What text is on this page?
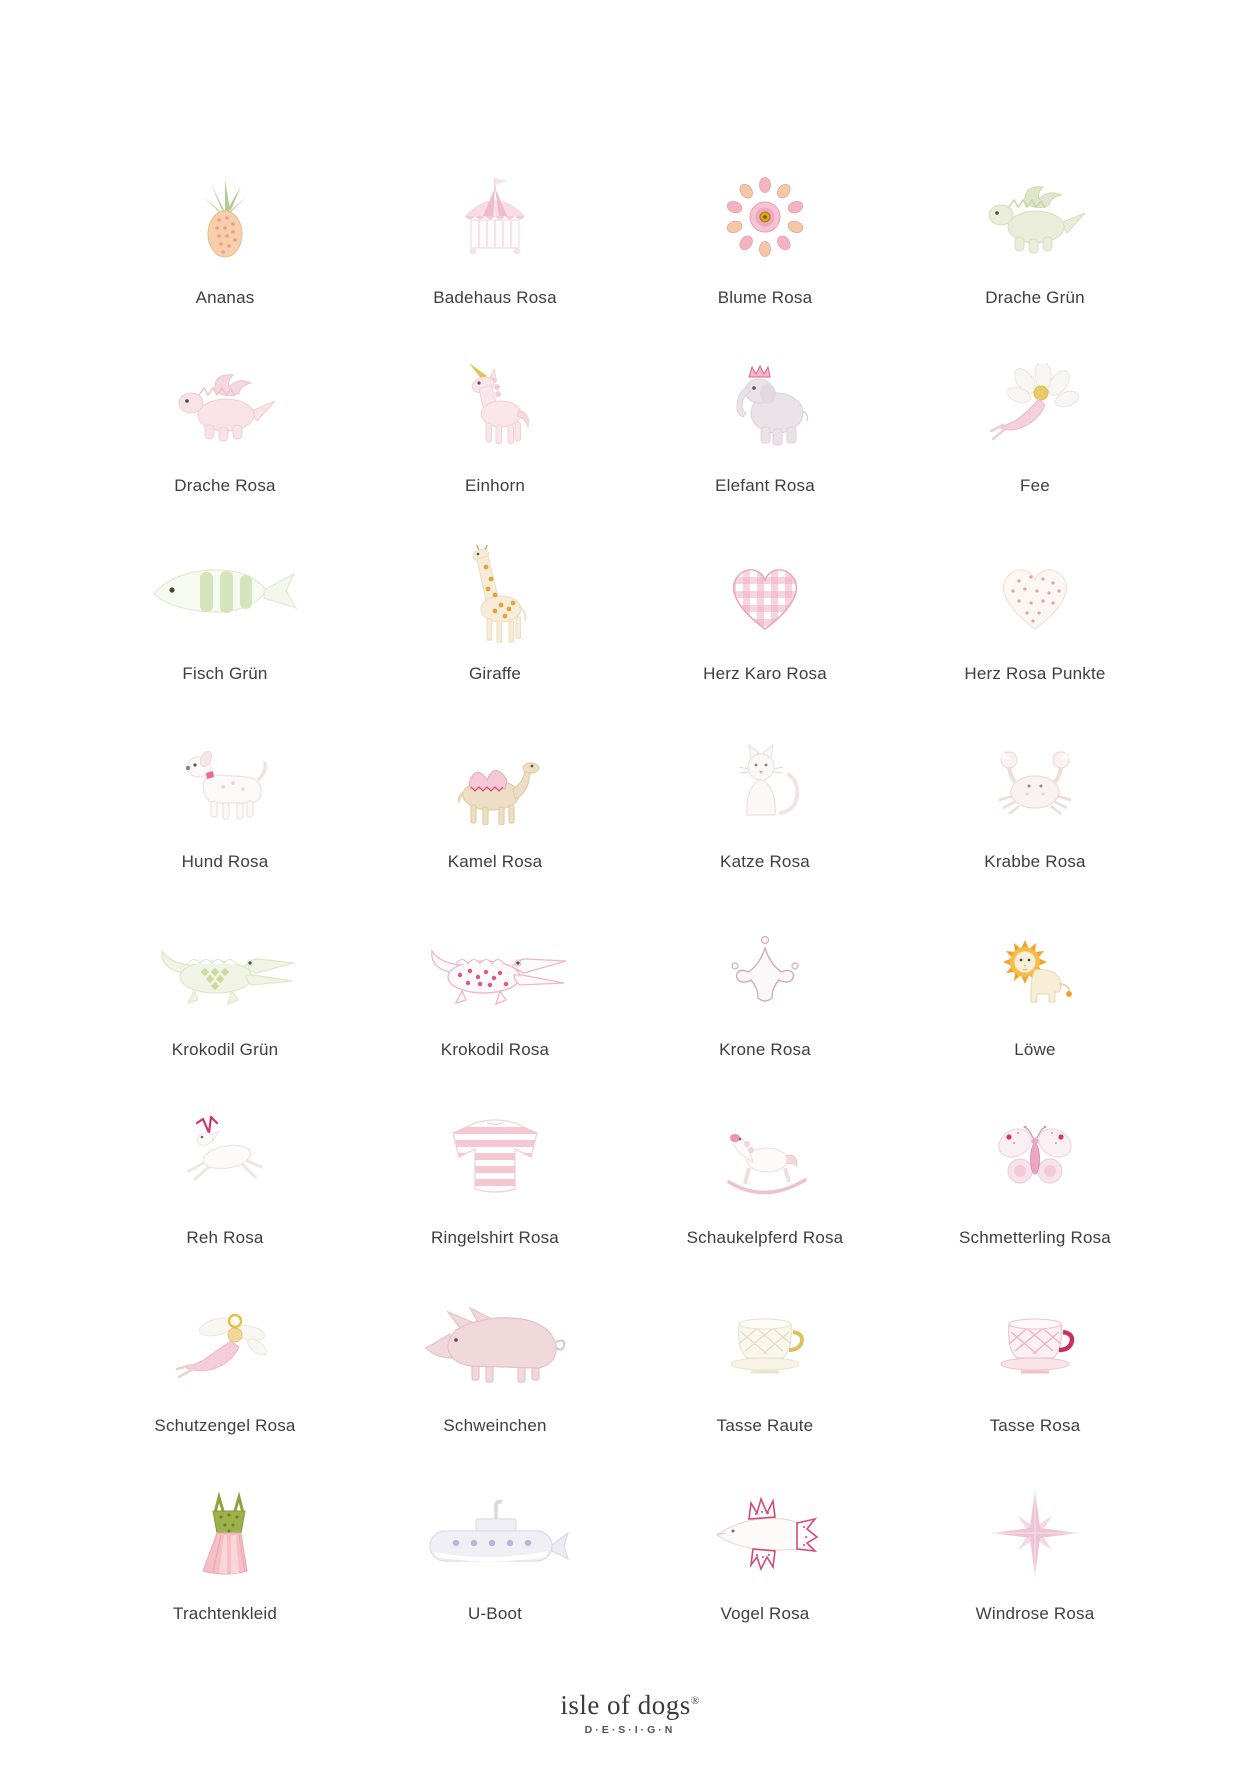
Ananas	Badehaus Rosa	Blume Rosa	Drache Grün
Drache Rosa	Einhorn	Elefant Rosa	Fee
Fisch Grün	Giraffe	Herz Karo Rosa	Herz Rosa Punkte
Hund Rosa	Kamel Rosa	Katze Rosa	Krabbe Rosa
Krokodil Grün	Krokodil Rosa	Krone Rosa	Löwe
Reh Rosa	Ringelshirt Rosa	Schaukelpferd Rosa	Schmetterling Rosa
Schutzengel Rosa	Schweinchen	Tasse Raute	Tasse Rosa
Trachtenkleid	U-Boot	Vogel Rosa	Windrose Rosa
isle of dogs®
D·E·S·I·G·N
